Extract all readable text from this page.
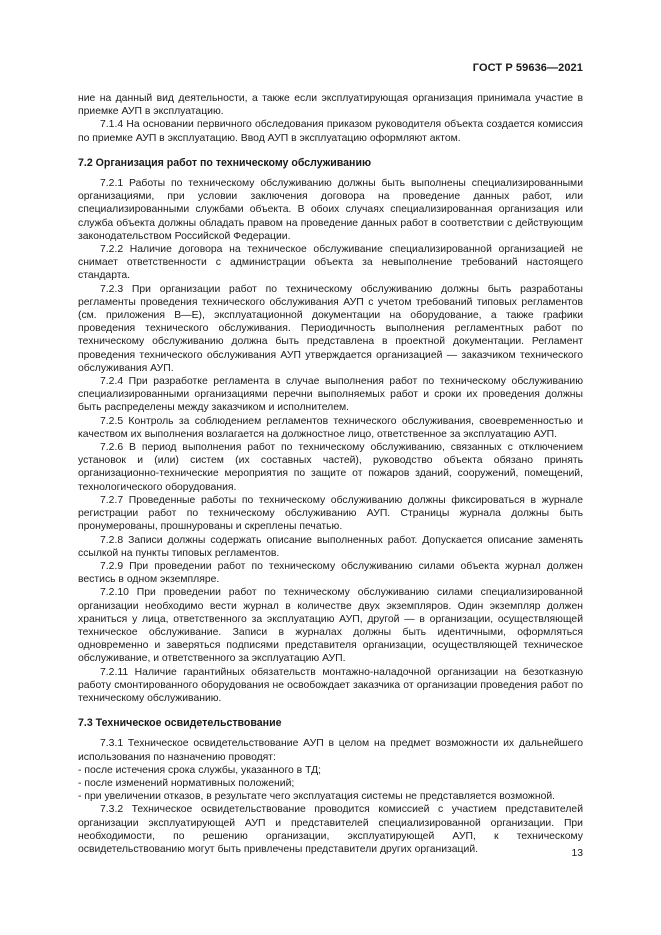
ГОСТ Р 59636—2021

ние на данный вид деятельности, а также если эксплуатирующая организация принимала участие в приемке АУП в эксплуатацию.

7.1.4 На основании первичного обследования приказом руководителя объекта создается комиссия по приемке АУП в эксплуатацию. Ввод АУП в эксплуатацию оформляют актом.

7.2 Организация работ по техническому обслуживанию

7.2.1 Работы по техническому обслуживанию должны быть выполнены специализированными организациями, при условии заключения договора на проведение данных работ, или специализированными службами объекта. В обоих случаях специализированная организация или служба объекта должны обладать правом на проведение данных работ в соответствии с действующим законодательством Российской Федерации.

7.2.2 Наличие договора на техническое обслуживание специализированной организацией не снимает ответственности с администрации объекта за невыполнение требований настоящего стандарта.

7.2.3 При организации работ по техническому обслуживанию должны быть разработаны регламенты проведения технического обслуживания АУП с учетом требований типовых регламентов (см. приложения В—Е), эксплуатационной документации на оборудование, а также графики проведения технического обслуживания. Периодичность выполнения регламентных работ по техническому обслуживанию должна быть представлена в проектной документации. Регламент проведения технического обслуживания АУП утверждается организацией — заказчиком технического обслуживания АУП.

7.2.4 При разработке регламента в случае выполнения работ по техническому обслуживанию специализированными организациями перечни выполняемых работ и сроки их проведения должны быть распределены между заказчиком и исполнителем.

7.2.5 Контроль за соблюдением регламентов технического обслуживания, своевременностью и качеством их выполнения возлагается на должностное лицо, ответственное за эксплуатацию АУП.

7.2.6 В период выполнения работ по техническому обслуживанию, связанных с отключением установок и (или) систем (их составных частей), руководство объекта обязано принять организационно-технические мероприятия по защите от пожаров зданий, сооружений, помещений, технологического оборудования.

7.2.7 Проведенные работы по техническому обслуживанию должны фиксироваться в журнале регистрации работ по техническому обслуживанию АУП. Страницы журнала должны быть пронумерованы, прошнурованы и скреплены печатью.

7.2.8 Записи должны содержать описание выполненных работ. Допускается описание заменять ссылкой на пункты типовых регламентов.

7.2.9 При проведении работ по техническому обслуживанию силами объекта журнал должен вестись в одном экземпляре.

7.2.10 При проведении работ по техническому обслуживанию силами специализированной организации необходимо вести журнал в количестве двух экземпляров. Один экземпляр должен храниться у лица, ответственного за эксплуатацию АУП, другой — в организации, осуществляющей техническое обслуживание. Записи в журналах должны быть идентичными, оформляться одновременно и заверяться подписями представителя организации, осуществляющей техническое обслуживание, и ответственного за эксплуатацию АУП.

7.2.11 Наличие гарантийных обязательств монтажно-наладочной организации на безотказную работу смонтированного оборудования не освобождает заказчика от организации проведения работ по техническому обслуживанию.

7.3 Техническое освидетельствование

7.3.1 Техническое освидетельствование АУП в целом на предмет возможности их дальнейшего использования по назначению проводят:

- после истечения срока службы, указанного в ТД;

- после изменений нормативных положений;

- при увеличении отказов, в результате чего эксплуатация системы не представляется возможной.

7.3.2 Техническое освидетельствование проводится комиссией с участием представителей организации эксплуатирующей АУП и представителей специализированной организации. При необходимости, по решению организации, эксплуатирующей АУП, к техническому освидетельствованию могут быть привлечены представители других организаций.	13
